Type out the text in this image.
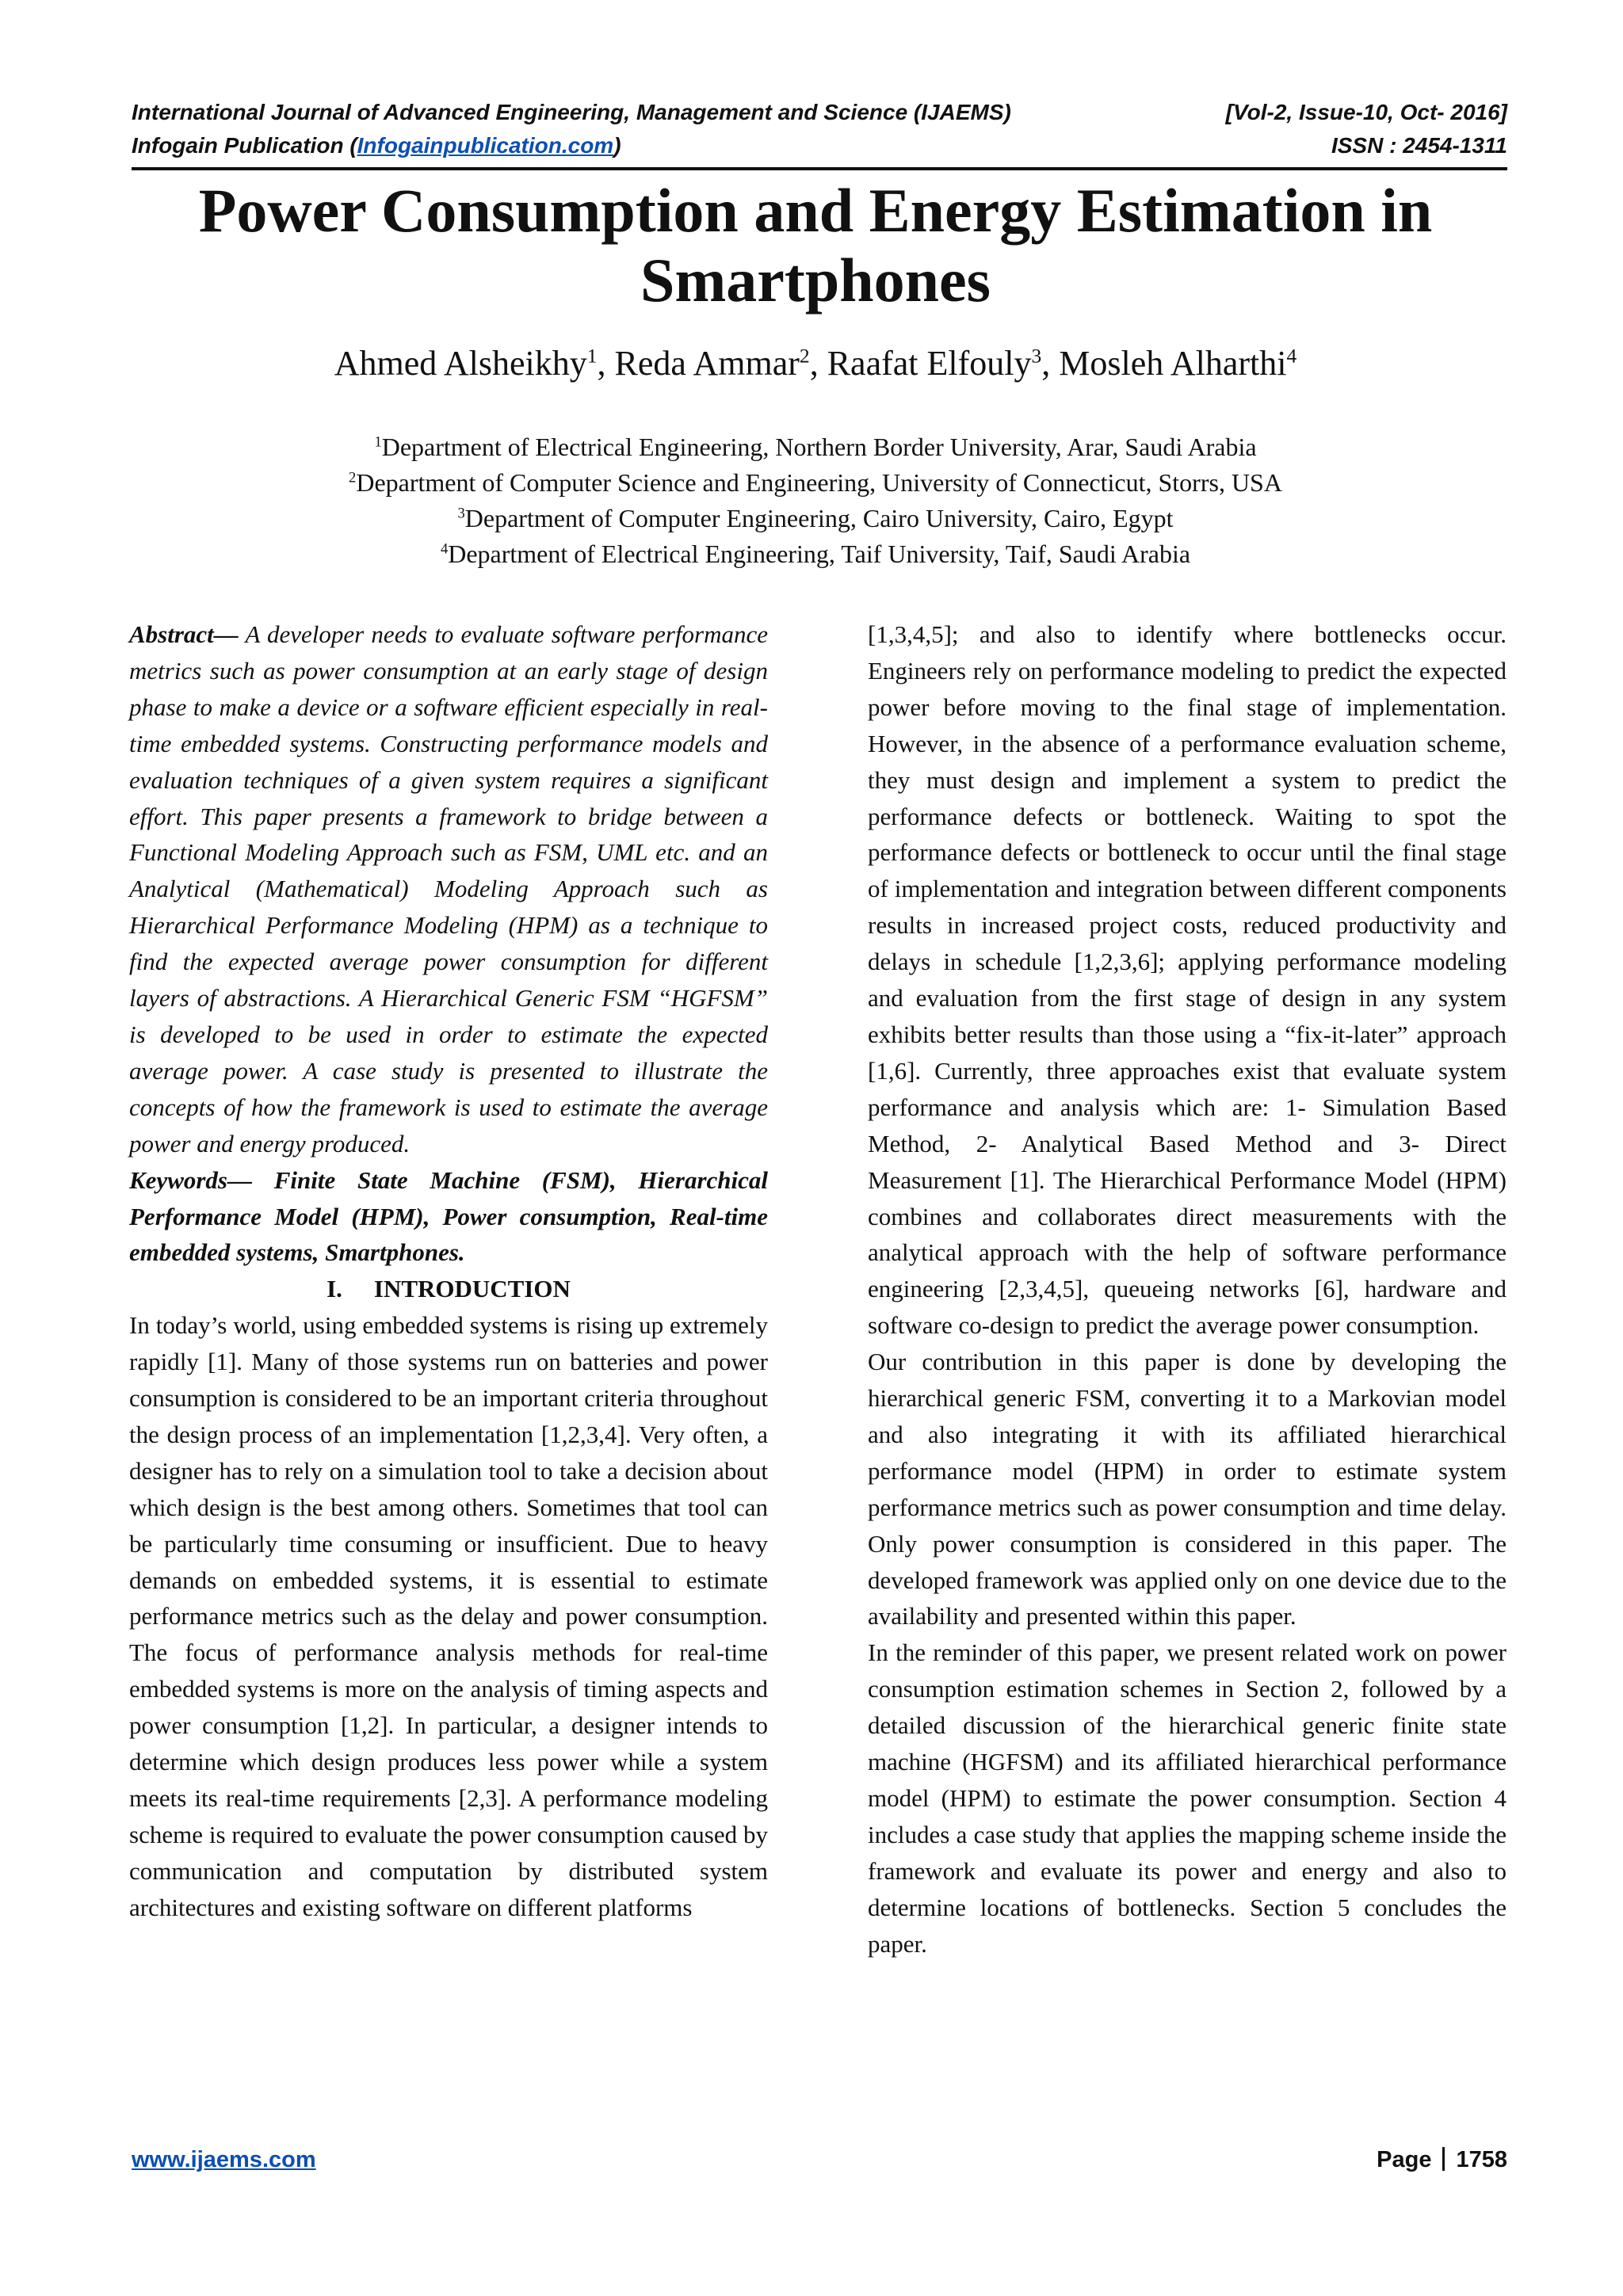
International Journal of Advanced Engineering, Management and Science (IJAEMS)	[Vol-2, Issue-10, Oct- 2016]
Infogain Publication (Infogainpublication.com)	ISSN : 2454-1311
Power Consumption and Energy Estimation in Smartphones
Ahmed Alsheikhy$^1$, Reda Ammar$^2$, Raafat Elfouly$^3$, Mosleh Alharthi$^4$
$^1$Department of Electrical Engineering, Northern Border University, Arar, Saudi Arabia
$^2$Department of Computer Science and Engineering, University of Connecticut, Storrs, USA
$^3$Department of Computer Engineering, Cairo University, Cairo, Egypt
$^4$Department of Electrical Engineering, Taif University, Taif, Saudi Arabia

Abstract— A developer needs to evaluate software performance metrics such as power consumption at an early stage of design phase to make a device or a software efficient especially in real-time embedded systems. Constructing performance models and evaluation techniques of a given system requires a significant effort. This paper presents a framework to bridge between a Functional Modeling Approach such as FSM, UML etc. and an Analytical (Mathematical) Modeling Approach such as Hierarchical Performance Modeling (HPM) as a technique to find the expected average power consumption for different layers of abstractions. A Hierarchical Generic FSM “HGFSM” is developed to be used in order to estimate the expected average power. A case study is presented to illustrate the concepts of how the framework is used to estimate the average power and energy produced.

Keywords— Finite State Machine (FSM), Hierarchical Performance Model (HPM), Power consumption, Real-time embedded systems, Smartphones.

I. INTRODUCTION

In today’s world, using embedded systems is rising up extremely rapidly [1]. Many of those systems run on batteries and power consumption is considered to be an important criteria throughout the design process of an implementation [1,2,3,4]. Very often, a designer has to rely on a simulation tool to take a decision about which design is the best among others. Sometimes that tool can be particularly time consuming or insufficient. Due to heavy demands on embedded systems, it is essential to estimate performance metrics such as the delay and power consumption. The focus of performance analysis methods for real-time embedded systems is more on the analysis of timing aspects and power consumption [1,2]. In particular, a designer intends to determine which design produces less power while a system meets its real-time requirements [2,3]. A performance modeling scheme is required to evaluate the power consumption caused by communication and computation by distributed system architectures and existing software on different platforms

[1,3,4,5]; and also to identify where bottlenecks occur. Engineers rely on performance modeling to predict the expected power before moving to the final stage of implementation. However, in the absence of a performance evaluation scheme, they must design and implement a system to predict the performance defects or bottleneck. Waiting to spot the performance defects or bottleneck to occur until the final stage of implementation and integration between different components results in increased project costs, reduced productivity and delays in schedule [1,2,3,6]; applying performance modeling and evaluation from the first stage of design in any system exhibits better results than those using a “fix-it-later” approach [1,6]. Currently, three approaches exist that evaluate system performance and analysis which are: 1- Simulation Based Method, 2- Analytical Based Method and 3- Direct Measurement [1]. The Hierarchical Performance Model (HPM) combines and collaborates direct measurements with the analytical approach with the help of software performance engineering [2,3,4,5], queueing networks [6], hardware and software co-design to predict the average power consumption.

Our contribution in this paper is done by developing the hierarchical generic FSM, converting it to a Markovian model and also integrating it with its affiliated hierarchical performance model (HPM) in order to estimate system performance metrics such as power consumption and time delay. Only power consumption is considered in this paper. The developed framework was applied only on one device due to the availability and presented within this paper.

In the reminder of this paper, we present related work on power consumption estimation schemes in Section 2, followed by a detailed discussion of the hierarchical generic finite state machine (HGFSM) and its affiliated hierarchical performance model (HPM) to estimate the power consumption. Section 4 includes a case study that applies the mapping scheme inside the framework and evaluate its power and energy and also to determine locations of bottlenecks. Section 5 concludes the paper.

www.ijaems.com	Page 1758
